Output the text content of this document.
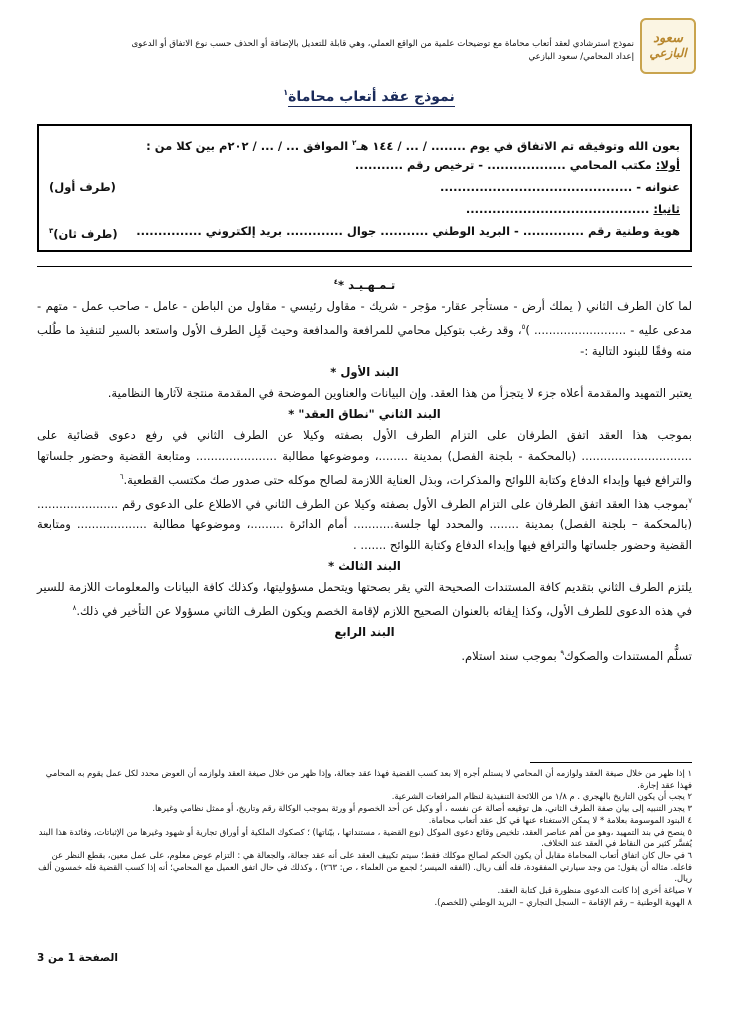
سعود
البازعي
نموذج استرشادي لعقد أتعاب محاماة مع توضيحات علمية من الواقع العملي، وهي قابلة للتعديل بالإضافة أو الحذف حسب نوع الاتفاق أو الدعوى
إعداد المحامي/ سعود البازعي
نموذج عقد أتعاب محاماة$^١$
بعون الله وتوفيقه تم الاتفاق في يوم ........ / ... / ١٤٤ هـ$^٢$ الموافق ... / ... / ٢٠٢م بين كلا من :
أولا: مكتب المحامي .................. - ترخيص رقم ...........
عنوانه - ............................................
(طرف أول)
ثانيا: ..........................................
هوية وطنية رقم .............. - البريد الوطني ........... جوال ............. بريد إلكتروني ...............
(طرف ثان)$^٣$

تـمـهـيـد *$^٤$

لما كان الطرف الثاني ( يملك أرض - مستأجر عقار- مؤجر - شريك - مقاول رئيسي - مقاول من الباطن - عامل - صاحب عمل - متهم - مدعى عليه - ......................... )$^٥$، وقد رغب بتوكيل محامي للمرافعة والمدافعة وحيث قَبِل الطرف الأول واستعد بالسير لتنفيذ ما طُلب منه وفقًا للبنود التالية :-

البند الأول *

يعتبر التمهيد والمقدمة أعلاه جزء لا يتجزأ من هذا العقد. وإن البيانات والعناوين الموضحة في المقدمة منتجة لآثارها النظامية.

البند الثاني "نطاق العقد" *

بموجب هذا العقد اتفق الطرفان على التزام الطرف الأول بصفته وكيلا عن الطرف الثاني في رفع دعوى قضائية على .............................. (بالمحكمة - بلجنة الفصل) بمدينة ........، وموضوعها مطالبة ...................... ومتابعة القضية وحضور جلساتها والترافع فيها وإبداء الدفاع وكتابة اللوائح والمذكرات، وبذل العناية اللازمة لصالح موكله حتى صدور صك مكتسب القطعية.$^٦$

$^٧$بموجب هذا العقد اتفق الطرفان على التزام الطرف الأول بصفته وكيلا عن الطرف الثاني في الاطلاع على الدعوى رقم ...................... (بالمحكمة – بلجنة الفصل) بمدينة ........ والمحدد لها جلسة........... أمام الدائرة .........، وموضوعها مطالبة ................... ومتابعة القضية وحضور جلساتها والترافع فيها وإبداء الدفاع وكتابة اللوائح ....... .

البند الثالث *

يلتزم الطرف الثاني بتقديم كافة المستندات الصحيحة التي يقر بصحتها ويتحمل مسؤوليتها، وكذلك كافة البيانات والمعلومات اللازمة للسير في هذه الدعوى للطرف الأول، وكذا إيفائه بالعنوان الصحيح اللازم لإقامة الخصم ويكون الطرف الثاني مسؤولا عن التأخير في ذلك.$^٨$

البند الرابع

تسلُّم المستندات والصكوك$^٩$ بموجب سند استلام.

١ إذا ظهر من خلال صيغة العقد ولوازمه أن المحامي لا يستلم أجره إلا بعد كسب القضية فهذا عقد جعالة، وإذا ظهر من خلال صيغة العقد ولوازمه أن العوض محدد لكل عمل يقوم به المحامي فهذا عقد إجارة.

٢ يجب أن يكون التاريخ بالهجري . م ١/٨ من اللائحة التنفيذية لنظام المرافعات الشرعية.

٣ يجدر التنبيه إلى بيان صفة الطرف الثاني، هل توقيعه أصالة عن نفسه ، أو وكيل عن أحد الخصوم أو ورثة بموجب الوكالة رقم وتاريخ، أو ممثل نظامي وغيرها.

٤ البنود الموسومة بعلامة * لا يمكن الاستغناء عنها في كل عقد أتعاب محاماة.

٥ ينصح في بند التمهيد ،وهو من أهم عناصر العقد، تلخيص وقائع دعوى الموكل (نوع القضية ، مستنداتها ، بيّناتها) ؛ كصكوك الملكية أو أوراق تجارية أو شهود وغيرها من الإثباتات، وفائدة هذا البند يُفسَّر كثير من النقاط في العقد عند الخلاف.

٦ في حال كان اتفاق أتعاب المحاماة مقابل أن يكون الحكم لصالح موكلك فقط؛ سيتم تكييف العقد على أنه عقد جعالة، والجعالة هي : التزام عوض معلوم، على عمل معين، بقطع النظر عن فاعله. مثاله أن يقول: من وجد سيارتي المفقودة، فله ألف ريال. (الفقه الميسر؛ لجمع من العلماء ، ص: ٢٦٣) ، وكذلك في حال اتفق العميل مع المحامي؛ أنه إذا كسب القضية فله خمسون ألف ريال.

٧ صياغة أخرى إذا كانت الدعوى منظورة قبل كتابة العقد.

٨ الهوية الوطنية – رقم الإقامة – السجل التجاري – البريد الوطني (للخصم).

الصفحة 1 من 3
